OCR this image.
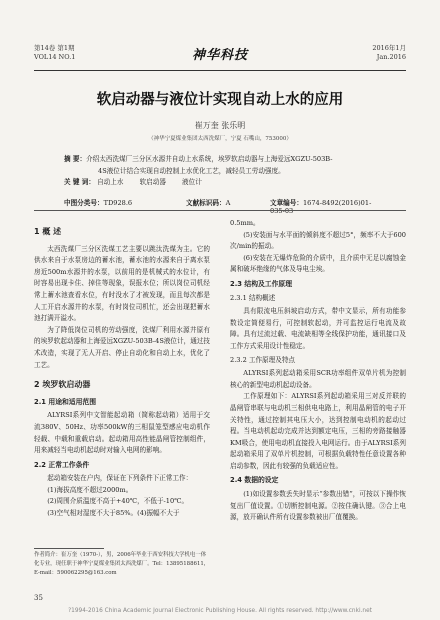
第14卷 第1期
VOL14 NO.1	神华科技	2016年1月
Jan.2016
软启动器与液位计实现自动上水的应用
崔万奎 张乐明
（神华宁夏煤业集团太西洗煤厂，宁夏 石嘴山，753000）
摘 要：介绍太西洗煤厂三分区水源井自动上水系统，埃罗软启动器与上海爱远XGZU-503B-
4S液位计结合实现自动控制上水优化工艺，减轻员工劳动强度。
关 键 词： 自动上水 软启动器 液位计
中图分类号：TD928.6	文献标识码：A	文章编号：1674-8492(2016)01-035-03
1 概 述

太西洗煤厂三分区洗煤工艺主要以跳汰洗煤为主。它的供水来自于水泵房边的蓄水池，蓄水池的水源来自于离水泵房近500m水源井的水泵，以前用的是机械式的水位计，有时容易出现卡住、掉住等现象，误报水位；所以岗位司机经常上蓄水池查看水位，有时没水了才被发现，而且每次都是人工开启水源井的水泵，有时岗位司机忙，还会出现把蓄水池打满开溢水。

为了降低岗位司机的劳动强度，洗煤厂利用水源井原有的埃罗软起动器和上海爱远XGZU-503B-4S液位计，通过技术改造，实现了无人开启、停止自动化和自动上水，优化了工艺。

2 埃罗软启动器
2.1 用途和适用范围

ALYRSI系列中文智能起动箱（简称起动箱）适用于交流380V、50Hz、功率500kW的三相鼠笼型感应电动机作轻载、中载和重载启动。起动箱用高性能晶闸管控制组件，用来减轻当电动机起动时对输入电网的影响。

2.2 正常工作条件

起动箱安装在户内，保证在下列条件下正常工作：

(1)海拔高度不超过2000m。

(2)周围介质温度不高于+40℃，不低于-10℃。

(3)空气相对湿度不大于85%。(4)振幅不大于

0.5mm。

(5)安装面与水平面的倾斜度不超过5°，频率不大于600次/min的振动。

(6)安装在无爆炸危险的介质中，且介质中无足以腐蚀金属和破坏绝缘的气体及导电尘埃。

2.3 结构及工作原理
2.3.1 结构概述

具有限流电压斜坡启动方式，带中文显示，所有功能参数设定简便易行，可控制软起动，并可监控运行电流及故障。具有过流过载、电流缺相等全线保护功能，通讯接口及工作方式采用设计性稳定。

2.3.2 工作原理及特点

ALYRSI系列起动箱采用SCR功率组件双单片机为控制核心的新型电动机起动设备。

工作原理如下：ALYRSI系列起动箱采用三对反并联的晶闸管串联与电动机三相供电电路上，利用晶闸管的电子开关特性，通过控制其电压大小，达到控制电动机的起动过程。当电动机起动完成并达到额定电压，三相的旁路接触器KM吸合，使用电动机直接投入电网运行。由于ALYRSI系列起动箱采用了双单片机控制，可根据负载特性任意设置各种启动参数，因此有较强的负载适应性。

2.4 数据的设定

(1)如设置参数丢失时显示“参数出错”，可按以下操作恢复出厂值设置。①切断控制电源。②按住确认键。③合上电源，放开确认件所有设置参数被出厂值覆换。

作者简介：崔万奎（1970-），男，2006年毕业于西安科技大学机电一体化专业，现任职于神华宁夏煤业集团太西洗煤厂。Tel：13895188611，E-mail：590062295@163.com
35
?1994-2016 China Academic Journal Electronic Publishing House. All rights reserved. http://www.cnki.net
